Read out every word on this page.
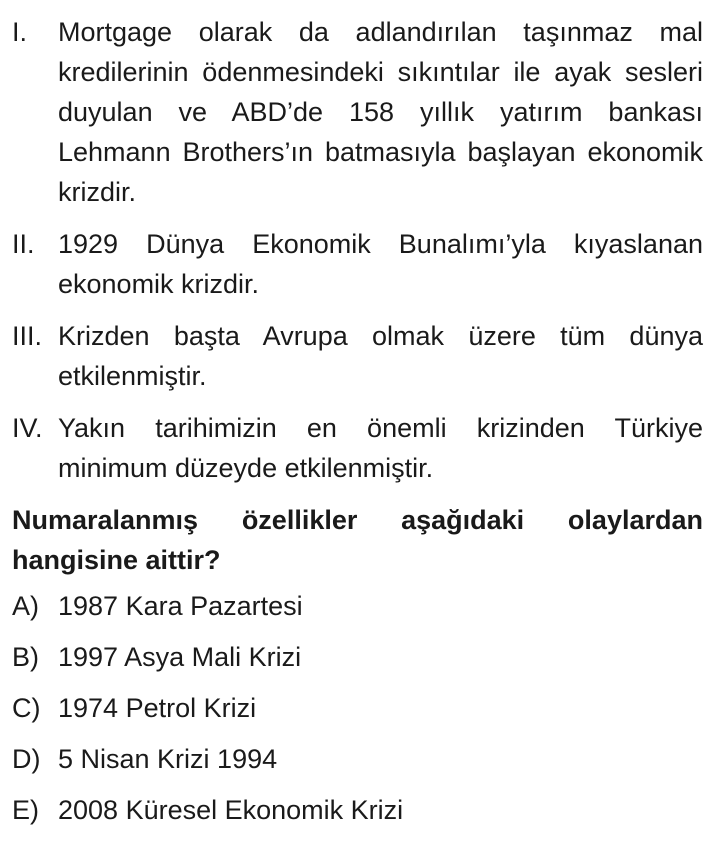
I.	Mortgage olarak da adlandırılan taşınmaz mal kredilerinin ödenmesindeki sıkıntılar ile ayak sesleri duyulan ve ABD’de 158 yıllık yatırım bankası Lehmann Brothers’ın batmasıyla başlayan ekonomik krizdir.
II. 1929 Dünya Ekonomik Bunalımı’yla kıyaslanan ekonomik krizdir.
III. Krizden başta Avrupa olmak üzere tüm dünya etkilenmiştir.
IV. Yakın tarihimizin en önemli krizinden Türkiye minimum düzeyde etkilenmiştir.
Numaralanmış özellikler aşağıdaki olaylardan hangisine aittir?
A) 1987 Kara Pazartesi
B) 1997 Asya Mali Krizi
C) 1974 Petrol Krizi
D) 5 Nisan Krizi 1994
E) 2008 Küresel Ekonomik Krizi
